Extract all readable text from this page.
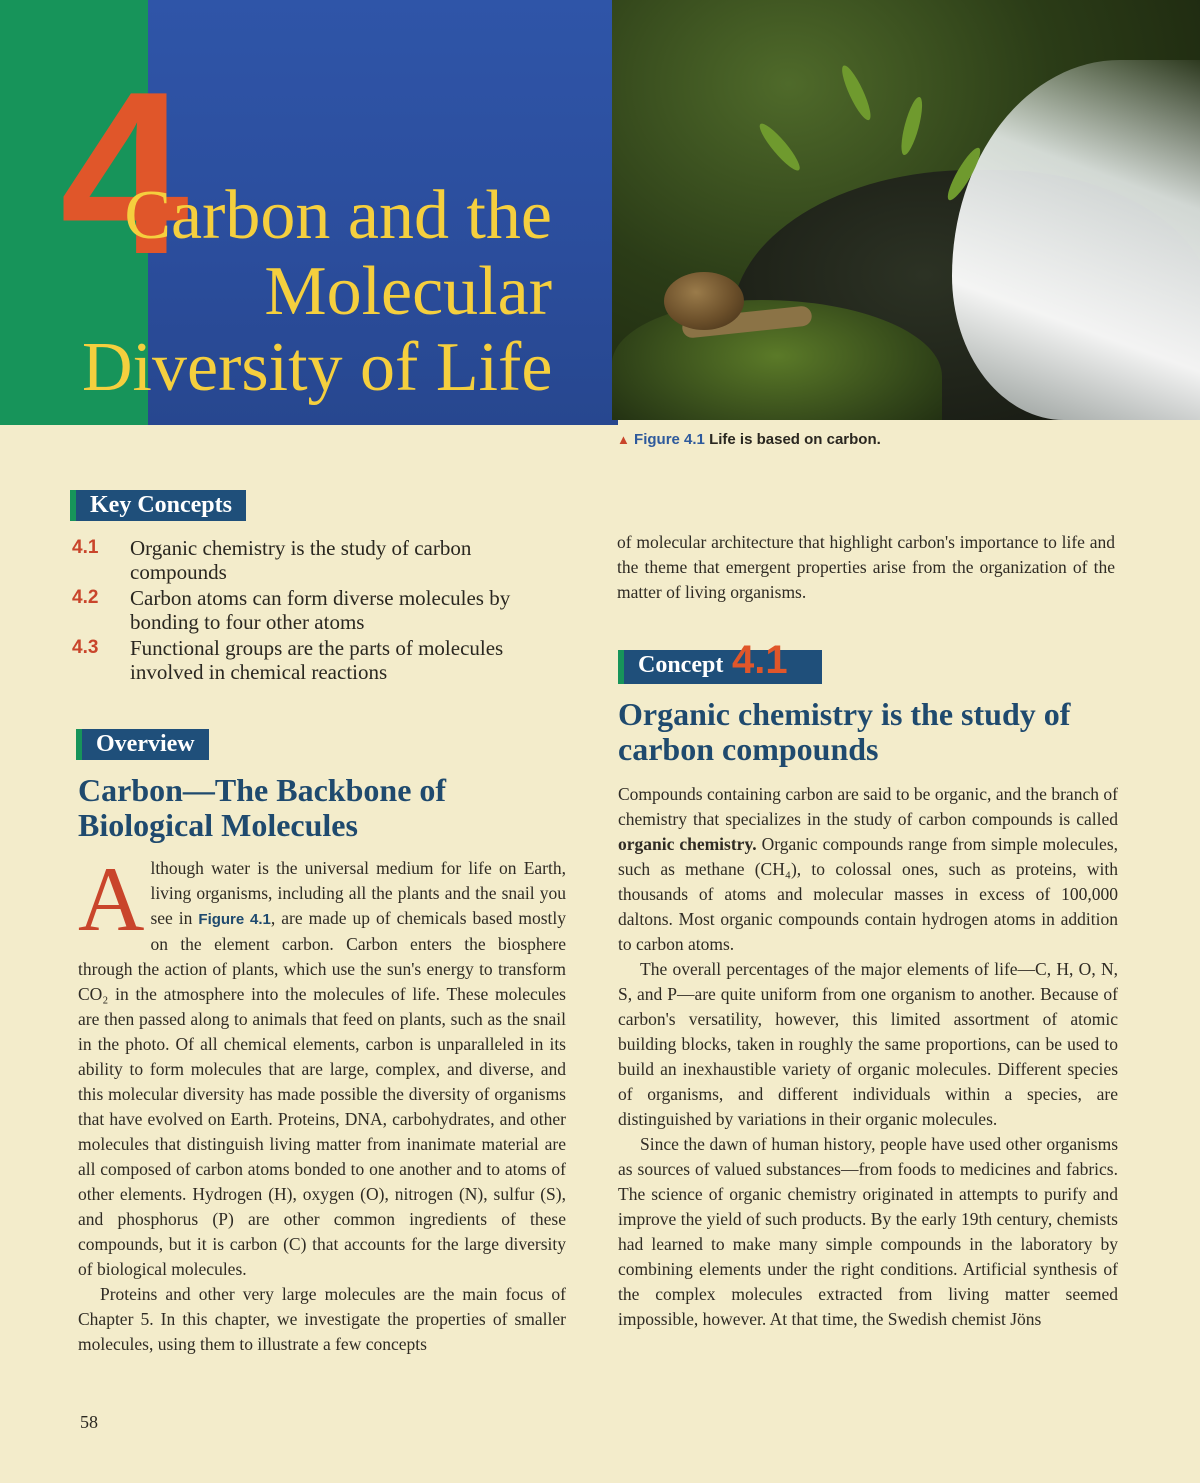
4
Carbon and the
Molecular
Diversity of Life
▲ Figure 4.1 Life is based on carbon.
Key Concepts
4.1	Organic chemistry is the study of carbon compounds
4.2	Carbon atoms can form diverse molecules by bonding to four other atoms
4.3	Functional groups are the parts of molecules involved in chemical reactions
Overview
Carbon—The Backbone of Biological Molecules

Although water is the universal medium for life on Earth, living organisms, including all the plants and the snail you see in Figure 4.1, are made up of chemicals based mostly on the element carbon. Carbon enters the biosphere through the action of plants, which use the sun's energy to transform CO₂ in the atmosphere into the molecules of life. These molecules are then passed along to animals that feed on plants, such as the snail in the photo. Of all chemical elements, carbon is unparalleled in its ability to form molecules that are large, complex, and diverse, and this molecular diversity has made possible the diversity of organisms that have evolved on Earth. Proteins, DNA, carbohydrates, and other molecules that distinguish living matter from inanimate material are all composed of carbon atoms bonded to one another and to atoms of other elements. Hydrogen (H), oxygen (O), nitrogen (N), sulfur (S), and phosphorus (P) are other common ingredients of these compounds, but it is carbon (C) that accounts for the large diversity of biological molecules.

Proteins and other very large molecules are the main focus of Chapter 5. In this chapter, we investigate the properties of smaller molecules, using them to illustrate a few concepts

58

of molecular architecture that highlight carbon's importance to life and the theme that emergent properties arise from the organization of the matter of living organisms.

Concept 4.1
Organic chemistry is the study of carbon compounds

Compounds containing carbon are said to be organic, and the branch of chemistry that specializes in the study of carbon compounds is called organic chemistry. Organic compounds range from simple molecules, such as methane (CH₄), to colossal ones, such as proteins, with thousands of atoms and molecular masses in excess of 100,000 daltons. Most organic compounds contain hydrogen atoms in addition to carbon atoms.

The overall percentages of the major elements of life—C, H, O, N, S, and P—are quite uniform from one organism to another. Because of carbon's versatility, however, this limited assortment of atomic building blocks, taken in roughly the same proportions, can be used to build an inexhaustible variety of organic molecules. Different species of organisms, and different individuals within a species, are distinguished by variations in their organic molecules.

Since the dawn of human history, people have used other organisms as sources of valued substances—from foods to medicines and fabrics. The science of organic chemistry originated in attempts to purify and improve the yield of such products. By the early 19th century, chemists had learned to make many simple compounds in the laboratory by combining elements under the right conditions. Artificial synthesis of the complex molecules extracted from living matter seemed impossible, however. At that time, the Swedish chemist Jöns
